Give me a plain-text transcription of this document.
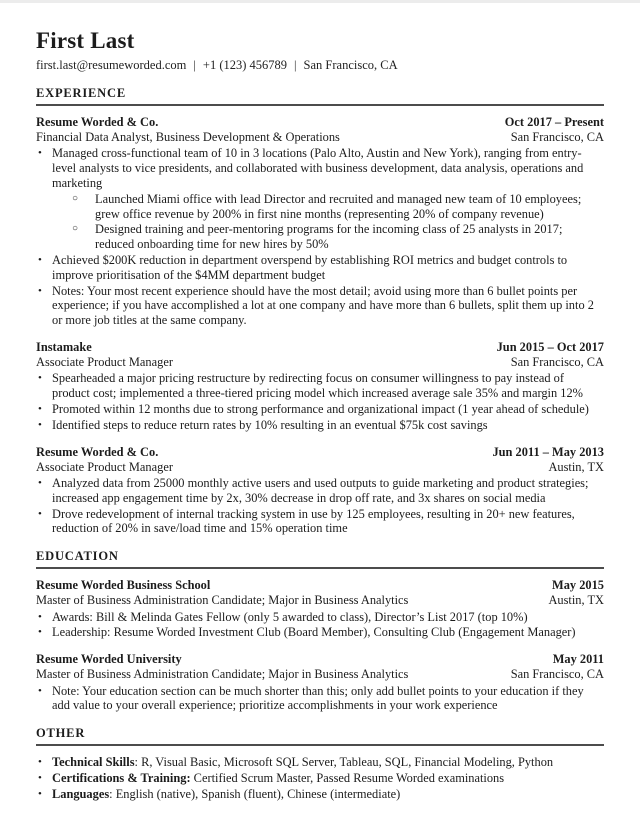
First Last
first.last@resumeworded.com | +1 (123) 456789 | San Francisco, CA
EXPERIENCE
Resume Worded & Co.	Oct 2017 – Present
Financial Data Analyst, Business Development & Operations	San Francisco, CA
• Managed cross-functional team of 10 in 3 locations (Palo Alto, Austin and New York), ranging from entry-level analysts to vice presidents, and collaborated with business development, data analysis, operations and marketing
○	Launched Miami office with lead Director and recruited and managed new team of 10 employees; grew office revenue by 200% in first nine months (representing 20% of company revenue)
○	Designed training and peer-mentoring programs for the incoming class of 25 analysts in 2017; reduced onboarding time for new hires by 50%
• Achieved $200K reduction in department overspend by establishing ROI metrics and budget controls to improve prioritisation of the $4MM department budget
• Notes: Your most recent experience should have the most detail; avoid using more than 6 bullet points per experience; if you have accomplished a lot at one company and have more than 6 bullets, split them up into 2 or more job titles at the same company.
Instamake	Jun 2015 – Oct 2017
Associate Product Manager	San Francisco, CA
• Spearheaded a major pricing restructure by redirecting focus on consumer willingness to pay instead of product cost; implemented a three-tiered pricing model which increased average sale 35% and margin 12%
• Promoted within 12 months due to strong performance and organizational impact (1 year ahead of schedule)
• Identified steps to reduce return rates by 10% resulting in an eventual $75k cost savings
Resume Worded & Co.	Jun 2011 – May 2013
Associate Product Manager	Austin, TX
• Analyzed data from 25000 monthly active users and used outputs to guide marketing and product strategies; increased app engagement time by 2x, 30% decrease in drop off rate, and 3x shares on social media
• Drove redevelopment of internal tracking system in use by 125 employees, resulting in 20+ new features, reduction of 20% in save/load time and 15% operation time
EDUCATION
Resume Worded Business School	May 2015
Master of Business Administration Candidate; Major in Business Analytics	Austin, TX
• Awards: Bill & Melinda Gates Fellow (only 5 awarded to class), Director’s List 2017 (top 10%)
• Leadership: Resume Worded Investment Club (Board Member), Consulting Club (Engagement Manager)
Resume Worded University	May 2011
Master of Business Administration Candidate; Major in Business Analytics	San Francisco, CA
• Note: Your education section can be much shorter than this; only add bullet points to your education if they add value to your overall experience; prioritize accomplishments in your work experience
OTHER
• Technical Skills: R, Visual Basic, Microsoft SQL Server, Tableau, SQL, Financial Modeling, Python
• Certifications & Training: Certified Scrum Master, Passed Resume Worded examinations
• Languages: English (native), Spanish (fluent), Chinese (intermediate)
